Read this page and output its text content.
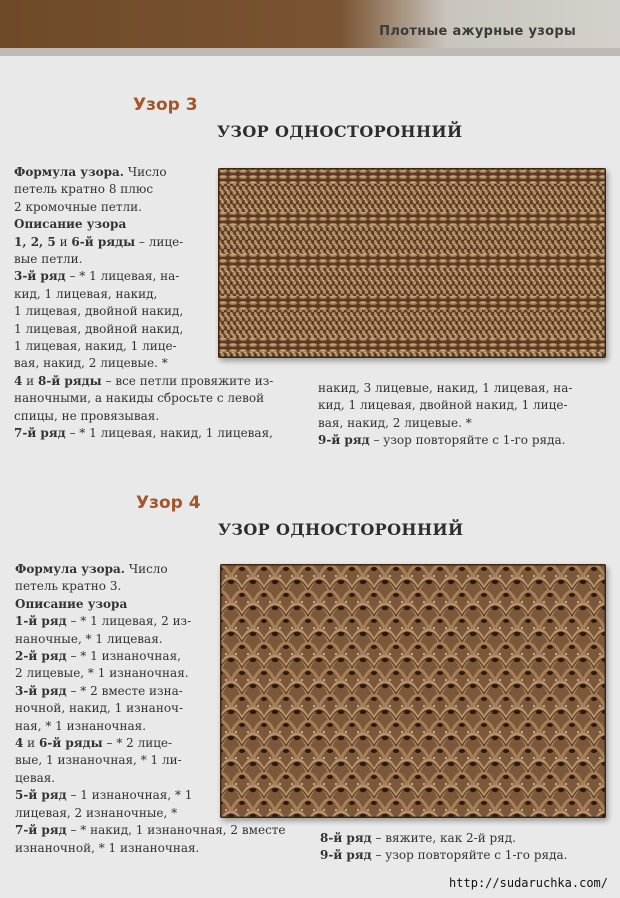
Плотные ажурные узоры
Узор 3
УЗОР ОДНОСТОРОННИЙ
Формула узора. Число
петель кратно 8 плюс
2 кромочные петли.
Описание узора
1, 2, 5 и 6-й ряды – лице-
вые петли.
3-й ряд – * 1 лицевая, на-
кид, 1 лицевая, накид,
1 лицевая, двойной накид,
1 лицевая, двойной накид,
1 лицевая, накид, 1 лице-
вая, накид, 2 лицевые. *
4 и 8-й ряды – все петли провяжите из-
наночными, а накиды сбросьте с левой
спицы, не провязывая.
7-й ряд – * 1 лицевая, накид, 1 лицевая,
накид, 3 лицевые, накид, 1 лицевая, на-
кид, 1 лицевая, двойной накид, 1 лице-
вая, накид, 2 лицевые. *
9-й ряд – узор повторяйте с 1-го ряда.
Узор 4
УЗОР ОДНОСТОРОННИЙ
Формула узора. Число
петель кратно 3.
Описание узора
1-й ряд – * 1 лицевая, 2 из-
наночные, * 1 лицевая.
2-й ряд – * 1 изнаночная,
2 лицевые, * 1 изнаночная.
3-й ряд – * 2 вместе изна-
ночной, накид, 1 изнаноч-
ная, * 1 изнаночная.
4 и 6-й ряды – * 2 лице-
вые, 1 изнаночная, * 1 ли-
цевая.
5-й ряд – 1 изнаночная, * 1
лицевая, 2 изнаночные, *
7-й ряд – * накид, 1 изнаночная, 2 вместе
изнаночной, * 1 изнаночная.
8-й ряд – вяжите, как 2-й ряд.
9-й ряд – узор повторяйте с 1-го ряда.
http://sudaruchka.com/
